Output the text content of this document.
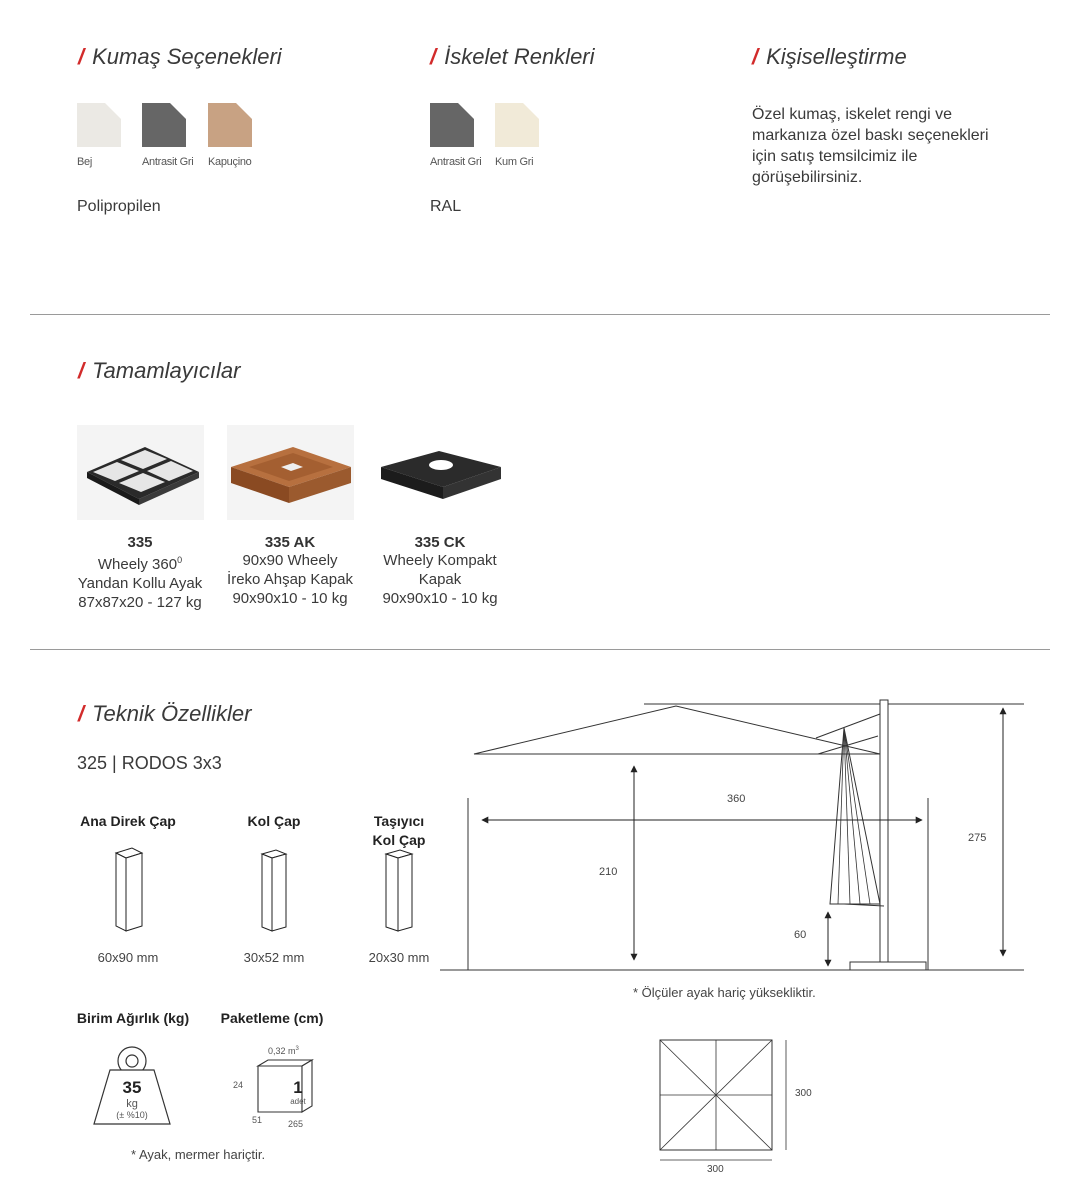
/ Kumaş Seçenekleri
Bej	Antrasit Gri Kapuçino
Polipropilen
/ İskelet Renkleri
Antrasit Gri Kum Gri
RAL
/ Kişiselleştirme
Özel kumaş, iskelet rengi ve
markanıza özel baskı seçenekleri
için satış temsilcimiz ile
görüşebilirsiniz.
/ Tamamlayıcılar
335
Wheely $360^0$
Yandan Kollu Ayak
87x87x20 - 127 kg
335 AK
90x90 Wheely
İreko Ahşap Kapak
90x90x10 - 10 kg
335 CK
Wheely Kompakt
Kapak
90x90x10 - 10 kg
/ Teknik Özellikler
325 | RODOS 3x3
Ana Direk Çap	Kol Çap	Taşıyıcı
Kol Çap
60x90 mm	30x52 mm	20x30 mm
Birim Ağırlık (kg)	Paketleme (cm)
35
kg
(± %10)
0,32 $m^3$
1
adet
24
51	265
* Ayak, mermer hariçtir.
360
210
275
60
* Ölçüler ayak hariç yüksekliktir.
300
300
